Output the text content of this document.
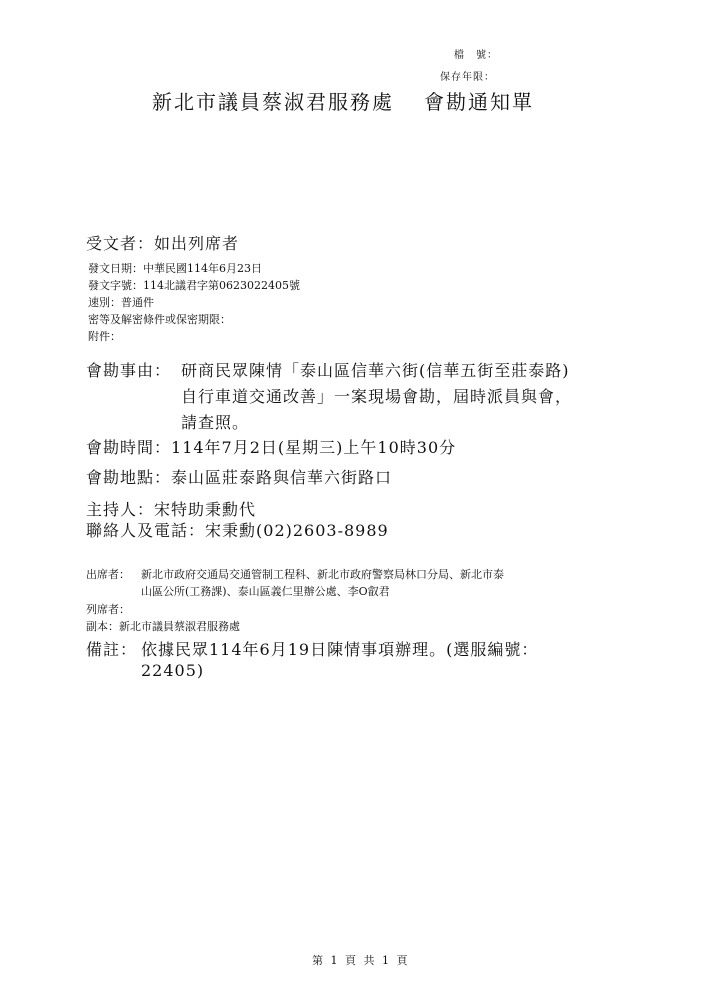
檔　號：
保存年限：
新北市議員蔡淑君服務處 會勘通知單
受文者：如出列席者
發文日期：中華民國114年6月23日
發文字號：114北議君字第0623022405號
速別：普通件
密等及解密條件或保密期限：
附件：
會勘事由： 研商民眾陳情「泰山區信華六街(信華五街至莊泰路)
自行車道交通改善」一案現場會勘，屆時派員與會，
請查照。
會勘時間：114年7月2日(星期三)上午10時30分
會勘地點：泰山區莊泰路與信華六街路口
主持人：宋特助秉勳代
聯絡人及電話：宋秉勳(02)2603-8989
出席者： 新北市政府交通局交通管制工程科、新北市政府警察局林口分局、新北市泰
山區公所(工務課)、泰山區義仁里辦公處、李O叡君
列席者：
副本：新北市議員蔡淑君服務處
備註： 依據民眾114年6月19日陳情事項辦理。(選服編號：
22405)
第 1 頁 共 1 頁
